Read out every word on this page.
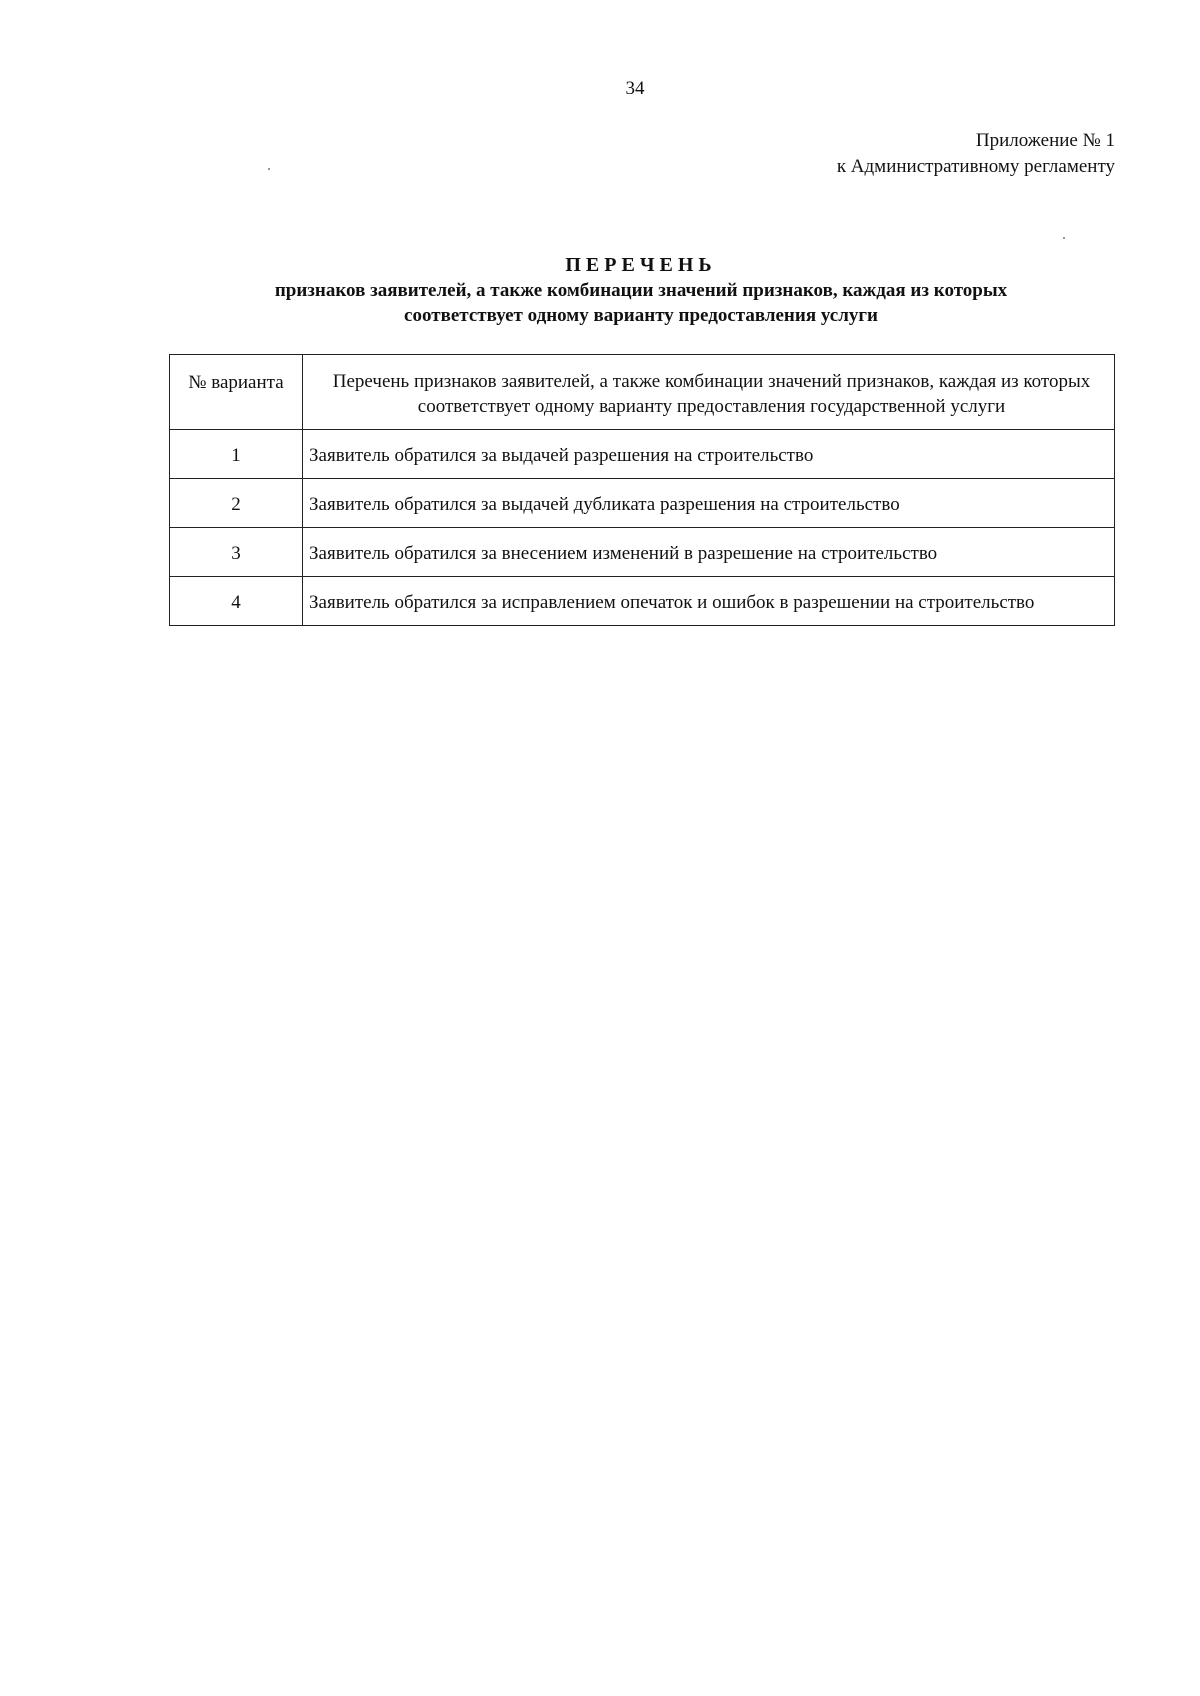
34
Приложение № 1
к Административному регламенту
ПЕРЕЧЕНЬ
признаков заявителей, а также комбинации значений признаков, каждая из которых
соответствует одному варианту предоставления услуги
№ варианта	Перечень признаков заявителей, а также комбинации значений признаков, каждая из которых соответствует одному варианту предоставления государственной услуги
1	Заявитель обратился за выдачей разрешения на строительство
2	Заявитель обратился за выдачей дубликата разрешения на строительство
3	Заявитель обратился за внесением изменений в разрешение на строительство
4	Заявитель обратился за исправлением опечаток и ошибок в разрешении на строительство
